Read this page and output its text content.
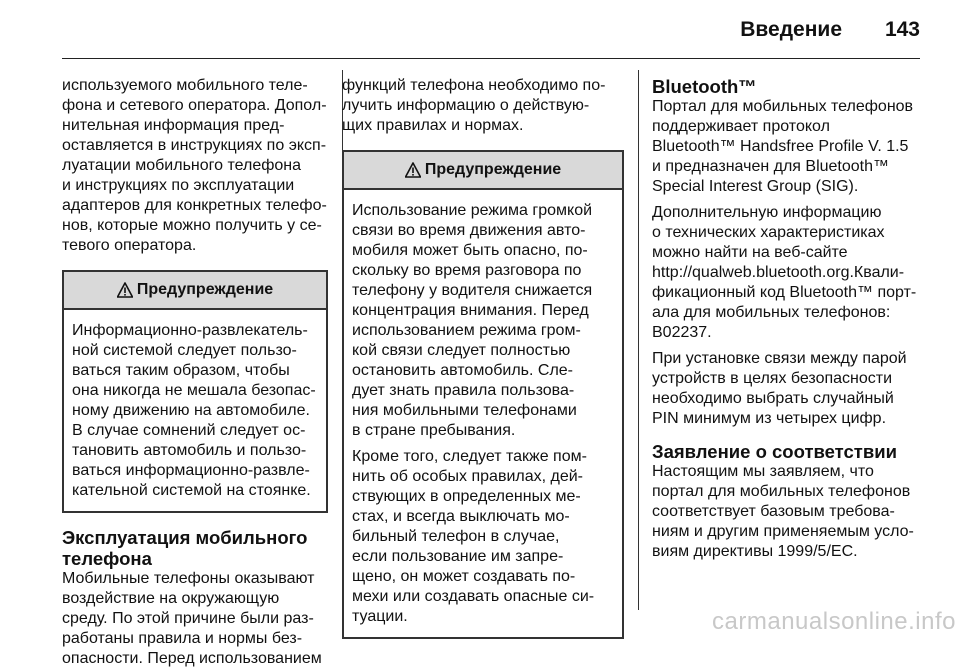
Введение 143

используемого мобильного теле-

фона и сетевого оператора. Допол-

нительная информация пред-

оставляется в инструкциях по эксп-

луатации мобильного телефона

и инструкциях по эксплуатации

адаптеров для конкретных телефо-

нов, которые можно получить у се-

тевого оператора.

Предупреждение

Информационно-развлекатель-

ной системой следует пользо-

ваться таким образом, чтобы

она никогда не мешала безопас-

ному движению на автомобиле.

В случае сомнений следует ос-

тановить автомобиль и пользо-

ваться информационно-развле-

кательной системой на стоянке.

Эксплуатация мобильного
телефона

Мобильные телефоны оказывают

воздействие на окружающую

среду. По этой причине были раз-

работаны правила и нормы без-

опасности. Перед использованием

функций телефона необходимо по-

лучить информацию о действую-

щих правилах и нормах.

Предупреждение

Использование режима громкой

связи во время движения авто-

мобиля может быть опасно, по-

скольку во время разговора по

телефону у водителя снижается

концентрация внимания. Перед

использованием режима гром-

кой связи следует полностью

остановить автомобиль. Сле-

дует знать правила пользова-

ния мобильными телефонами

в стране пребывания.

Кроме того, следует также пом-

нить об особых правилах, дей-

ствующих в определенных ме-

стах, и всегда выключать мо-

бильный телефон в случае,

если пользование им запре-

щено, он может создавать по-

мехи или создавать опасные си-

туации.

Bluetooth™

Портал для мобильных телефонов

поддерживает протокол

Bluetooth™ Handsfree Profile V. 1.5

и предназначен для Bluetooth™

Special Interest Group (SIG).

Дополнительную информацию

о технических характеристиках

можно найти на веб-сайте

http://qualweb.bluetooth.org.Квали-

фикационный код Bluetooth™ порт-

ала для мобильных телефонов:

B02237.

При установке связи между парой

устройств в целях безопасности

необходимо выбрать случайный

PIN минимум из четырех цифр.

Заявление о соответствии

Настоящим мы заявляем, что

портал для мобильных телефонов

соответствует базовым требова-

ниям и другим применяемым усло-

виям директивы 1999/5/EC.

carmanualsonline.info
